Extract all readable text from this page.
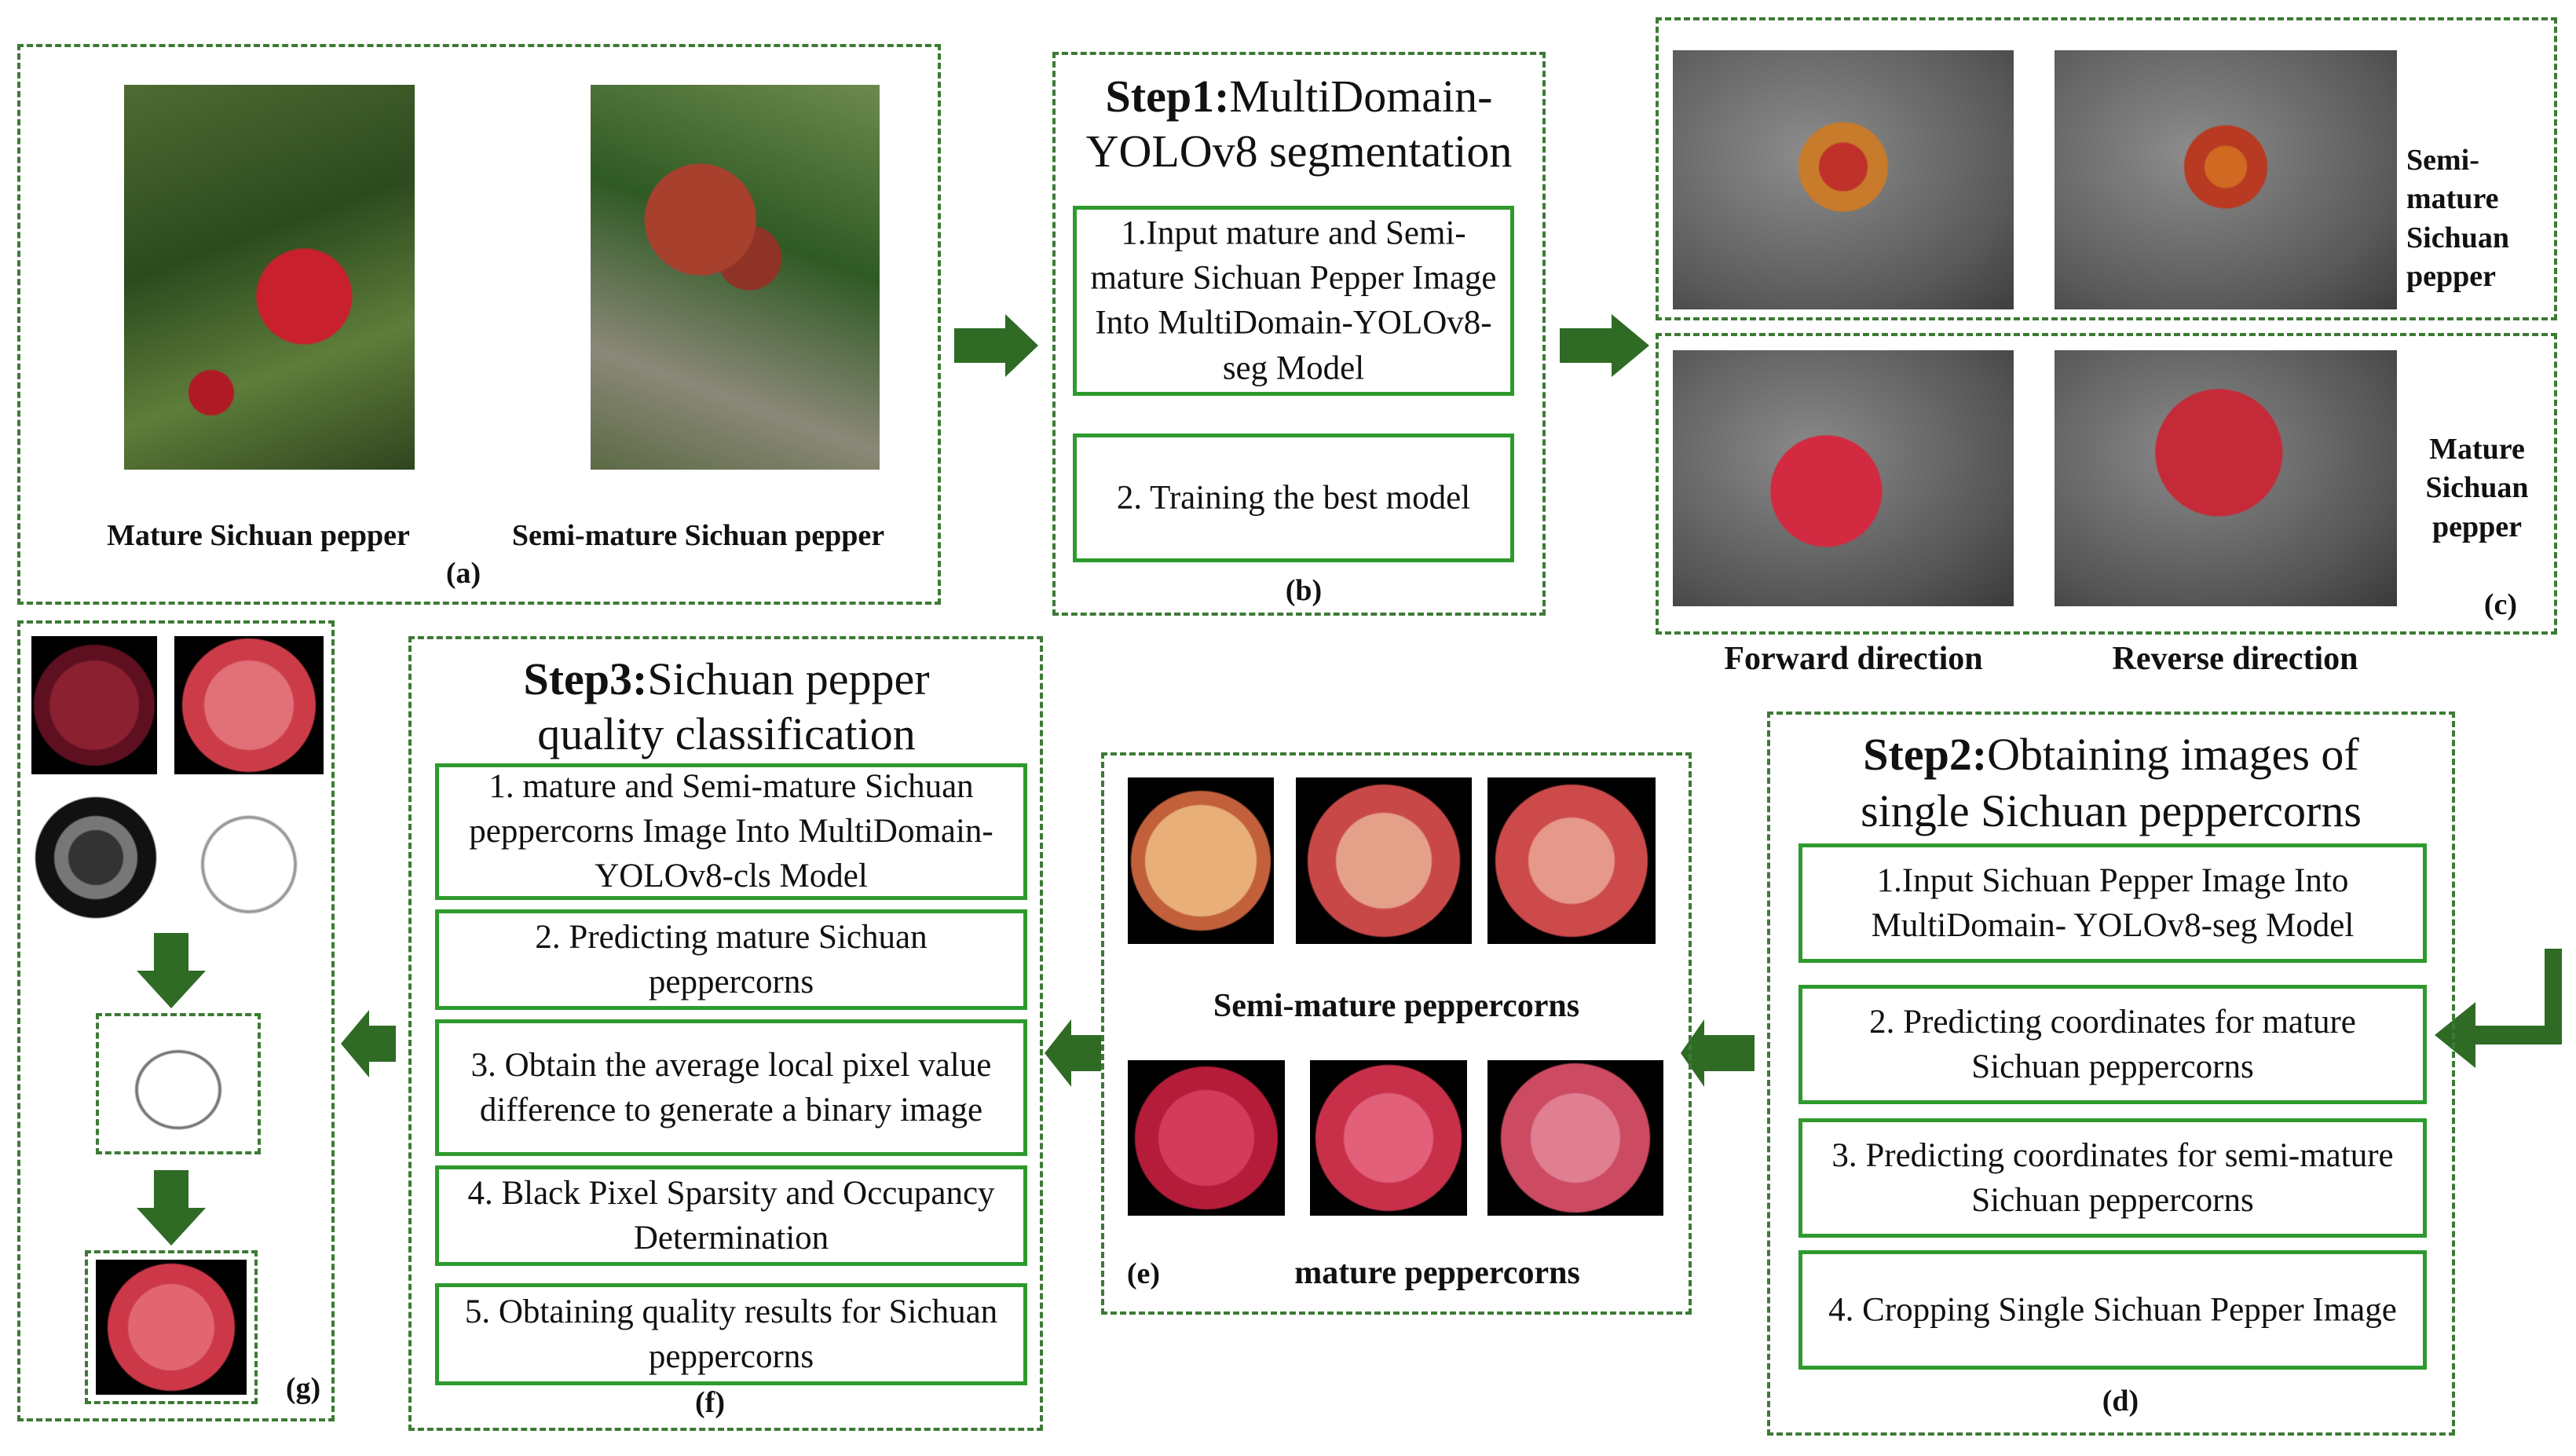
Mature Sichuan pepper	Semi-mature Sichuan pepper
(a)
Step1:MultiDomain-
YOLOv8 segmentation
1.Input mature and Semi-mature Sichuan Pepper Image Into MultiDomain-YOLOv8-seg Model
2. Training the best model
(b)
Semi-
mature
Sichuan
pepper
Mature
Sichuan
pepper
(c)
Forward direction	Reverse direction
Step2:Obtaining images of
single Sichuan peppercorns
1.Input Sichuan Pepper Image Into MultiDomain- YOLOv8-seg Model
2. Predicting coordinates for mature Sichuan peppercorns
3. Predicting coordinates for semi-mature Sichuan peppercorns
4. Cropping Single Sichuan Pepper Image
(d)
Semi-mature peppercorns
(e)	mature peppercorns
Step3:Sichuan pepper
quality classification
1. mature and Semi-mature Sichuan peppercorns Image Into MultiDomain- YOLOv8-cls Model
2. Predicting mature Sichuan peppercorns
3. Obtain the average local pixel value difference to generate a binary image
4. Black Pixel Sparsity and Occupancy Determination
5. Obtaining quality results for Sichuan peppercorns
(f)
(g)
